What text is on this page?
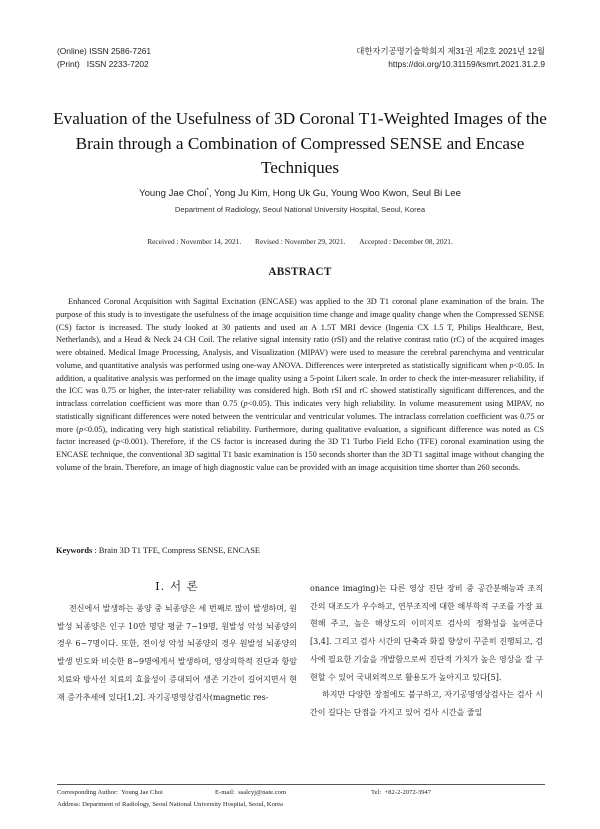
(Online) ISSN 2586-7261
(Print)   ISSN 2233-7202
대한자기공명기술학회지 제31권 제2호 2021년 12월
https://doi.org/10.31159/ksmrt.2021.31.2.9
Evaluation of the Usefulness of 3D Coronal T1-Weighted Images of the Brain through a Combination of Compressed SENSE and Encase Techniques
Young Jae Choi*, Yong Ju Kim, Hong Uk Gu, Young Woo Kwon, Seul Bi Lee
Department of Radiology, Seoul National University Hospital, Seoul, Korea
Received : November 14, 2021. Revised : November 29, 2021. Accepted : December 08, 2021.
ABSTRACT

Enhanced Coronal Acquisition with Sagittal Excitation (ENCASE) was applied to the 3D T1 coronal plane examination of the brain. The purpose of this study is to investigate the usefulness of the image acquisition time change and image quality change when the Compressed SENSE (CS) factor is increased. The study looked at 30 patients and used an A 1.5T MRI device (Ingenia CX 1.5 T, Philips Healthcare, Best, Netherlands), and a Head & Neck 24 CH Coil. The relative signal intensity ratio (rSI) and the relative contrast ratio (rC) of the acquired images were obtained. Medical Image Processing, Analysis, and Visualization (MIPAV) were used to measure the cerebral parenchyma and ventricular volume, and quantitative analysis was performed using one-way ANOVA. Differences were interpreted as statistically significant when p<0.05. In addition, a qualitative analysis was performed on the image quality using a 5-point Likert scale. In order to check the inter-measurer reliability, if the ICC was 0.75 or higher, the inter-rater reliability was considered high. Both rSI and rC showed statistically significant differences, and the intraclass correlation coefficient was more than 0.75 (p<0.05). This indicates very high reliability. In volume measurement using MIPAV, no statistically significant differences were noted between the ventricular and ventricular volumes. The intraclass correlation coefficient was 0.75 or more (p<0.05), indicating very high statistical reliability. Furthermore, during qualitative evaluation, a significant difference was noted as CS factor increased (p<0.001). Therefore, if the CS factor is increased during the 3D T1 Turbo Field Echo (TFE) coronal examination using the ENCASE technique, the conventional 3D sagittal T1 basic examination is 150 seconds shorter than the 3D T1 sagittal image without changing the volume of the brain. Therefore, an image of high diagnostic value can be provided with an image acquisition time shorter than 260 seconds.

Keywords : Brain 3D T1 TFE, Compress SENSE, ENCASE
Ⅰ. 서 론

전신에서 발생하는 종양 중 뇌종양은 세 번째로 많이 발생하며, 원발성 뇌종양은 인구 10만 명당 평균 7~19명, 원발성 악성 뇌종양의 경우 6~7명이다. 또한, 전이성 악성 뇌종양의 경우 원발성 뇌종양의 발생 빈도와 비슷한 8~9명에게서 발생하며, 영상의학적 진단과 항암치료와 방사선 치료의 효율성이 증대되어 생존 기간이 길어지면서 현재 증가추세에 있다[1,2]. 자기공명영상검사(magnetic res-

onance imaging)는 다른 영상 진단 장비 중 공간분해능과 조직 간의 대조도가 우수하고, 연부조직에 대한 해부학적 구조를 가장 표현해 주고, 높은 해상도의 이미지로 검사의 정확성을 높여준다[3,4]. 그리고 검사 시간의 단축과 화질 향상이 꾸준히 진행되고, 검사에 필요한 기술을 개발함으로써 진단적 가치가 높은 영상을 잘 구현할 수 있어 국내외적으로 활용도가 높아지고 있다[5].

하지만 다양한 장점에도 불구하고, 자기공명영상검사는 검사 시간이 길다는 단점을 가지고 있어 검사 시간을 줄일

Corresponding Author:  Young Jae Choi	E-mail:  ssalcyj@nate.com	Tel:  +82-2-2072-3947
Address: Department of Radiology, Seoul National University Hospital, Seoul, Korea
